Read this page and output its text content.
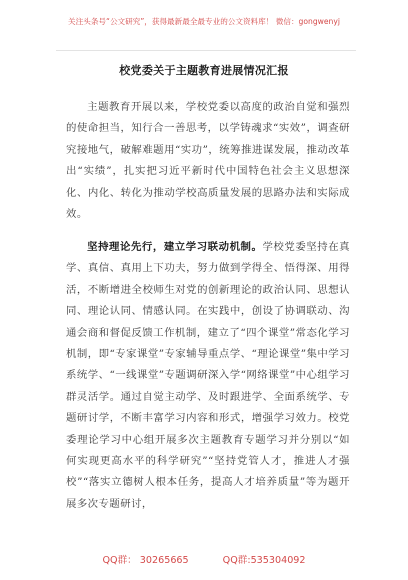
关注头条号“公文研究”，获得最新最全最专业的公文资料库！ 微信：gongwenyj
校党委关于主题教育进展情况汇报
主题教育开展以来，学校党委以高度的政治自觉和强烈的使命担当，知行合一善思考，以学铸魂求“实效”，调查研究接地气，破解难题用“实功”，统筹推进谋发展，推动改革出“实绩”，扎实把习近平新时代中国特色社会主义思想深化、内化、转化为推动学校高质量发展的思路办法和实际成效。
坚持理论先行，建立学习联动机制。学校党委坚持在真学、真信、真用上下功夫，努力做到学得全、悟得深、用得活，不断增进全校师生对党的创新理论的政治认同、思想认同、理论认同、情感认同。在实践中，创设了协调联动、沟通会商和督促反馈工作机制，建立了“四个课堂”常态化学习机制，即“专家课堂”专家辅导重点学、“理论课堂”集中学习系统学、“一线课堂”专题调研深入学“网络课堂”中心组学习群灵活学。通过自觉主动学、及时跟进学、全面系统学、专题研讨学，不断丰富学习内容和形式，增强学习效力。校党委理论学习中心组开展多次主题教育专题学习并分别以“如何实现更高水平的科学研究”“坚持党管人才，推进人才强校”“落实立德树人根本任务，提高人才培养质量”等为题开展多次专题研讨，
QQ群： 30265665	QQ群:535304092
